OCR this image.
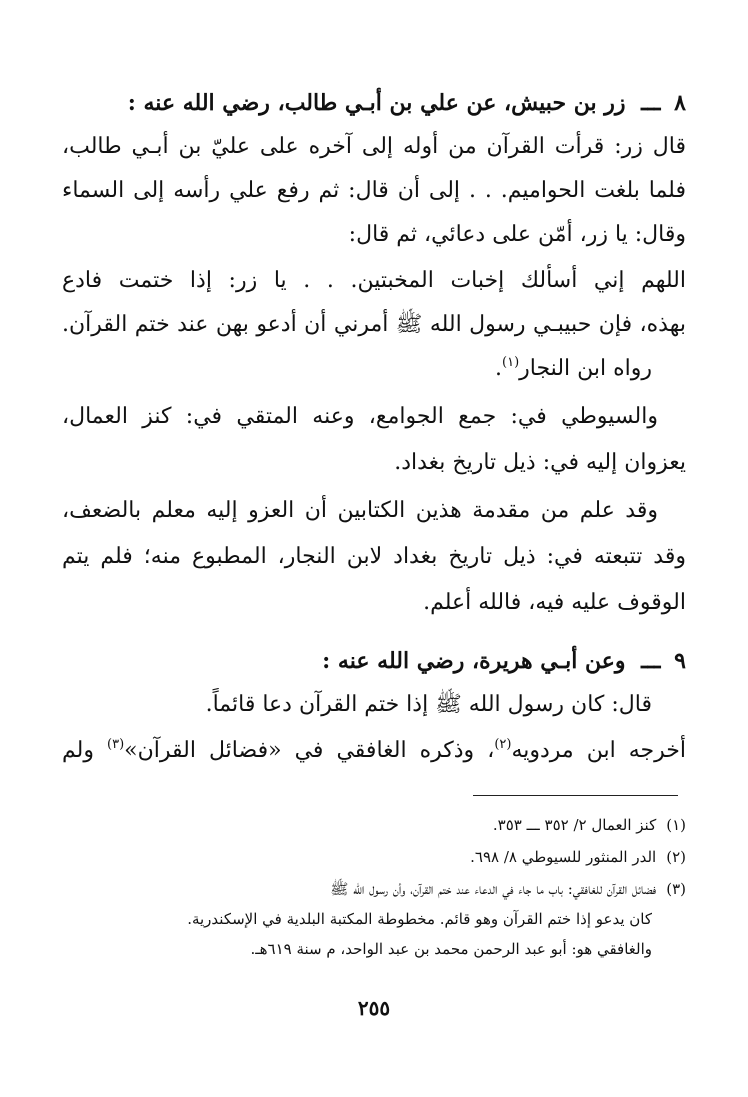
٨ ـــ زر بن حبيش، عن علي بن أبـي طالب، رضي الله عنه :
قال زر: قرأت القرآن من أوله إلى آخره على عليّ بن أبـي طالب،
فلما بلغت الحواميم. . . إلى أن قال: ثم رفع علي رأسه إلى السماء
وقال: يا زر، أمّن على دعائي، ثم قال:
اللهم إني أسألك إخبات المخبتين. . . يا زر: إذا ختمت فادع
بهذه، فإن حبيبـي رسول الله ﷺ أمرني أن أدعو بهن عند ختم القرآن.
رواه ابن النجار$^{(١)}$.
والسيوطي في: جمع الجوامع، وعنه المتقي في: كنز العمال،
يعزوان إليه في: ذيل تاريخ بغداد.
وقد علم من مقدمة هذين الكتابين أن العزو إليه معلم بالضعف،
وقد تتبعته في: ذيل تاريخ بغداد لابن النجار، المطبوع منه؛ فلم يتم
الوقوف عليه فيه، فالله أعلم.
٩ ـــ وعن أبـي هريرة، رضي الله عنه :
قال: كان رسول الله ﷺ إذا ختم القرآن دعا قائماً.
أخرجه ابن مردويه$^{(٢)}$، وذكره الغافقي في «فضائل القرآن»$^{(٣)}$ ولم
(١)كنز العمال ٢/ ٣٥٢ ـــ ٣٥٣.
(٢)الدر المنثور للسيوطي ٨/ ٦٩٨.
(٣)فضائل القرآن للغافقي: باب ما جاء في الدعاء عند ختم القرآن، وأن رسول الله ﷺ
كان يدعو إذا ختم القرآن وهو قائم. مخطوطة المكتبة البلدية في الإسكندرية.
والغافقي هو: أبو عبد الرحمن محمد بن عبد الواحد، م سنة ٦١٩هـ.
٢٥٥
